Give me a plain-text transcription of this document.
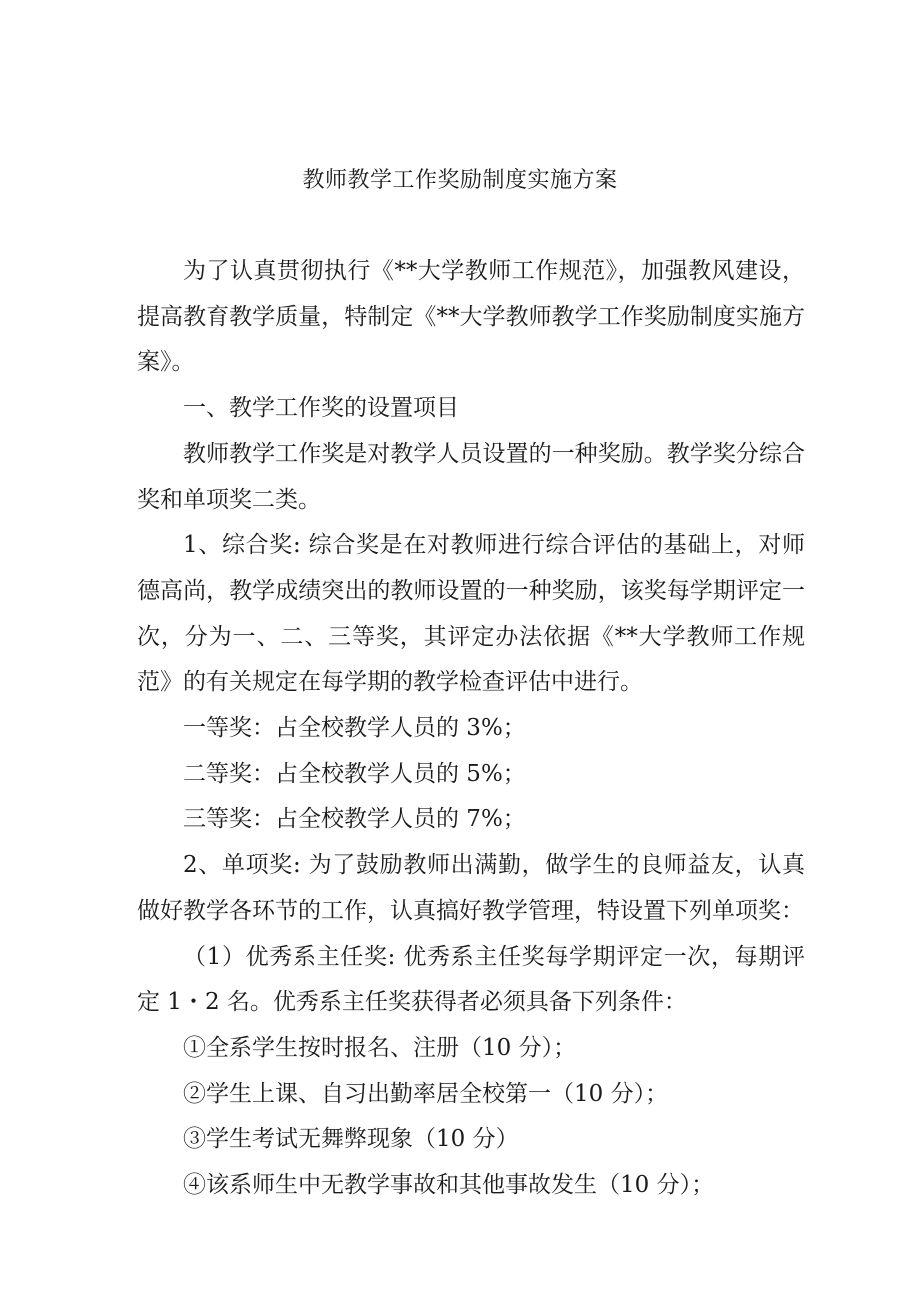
教师教学工作奖励制度实施方案

为了认真贯彻执行《**大学教师工作规范》，加强教风建设，提高教育教学质量，特制定《**大学教师教学工作奖励制度实施方案》。

一、教学工作奖的设置项目

教师教学工作奖是对教学人员设置的一种奖励。教学奖分综合奖和单项奖二类。

1、综合奖: 综合奖是在对教师进行综合评估的基础上，对师德高尚，教学成绩突出的教师设置的一种奖励，该奖每学期评定一次，分为一、二、三等奖，其评定办法依据《**大学教师工作规范》的有关规定在每学期的教学检查评估中进行。

一等奖：占全校教学人员的 3%；

二等奖：占全校教学人员的 5%；

三等奖：占全校教学人员的 7%；

2、单项奖: 为了鼓励教师出满勤，做学生的良师益友，认真做好教学各环节的工作，认真搞好教学管理，特设置下列单项奖：

（1）优秀系主任奖: 优秀系主任奖每学期评定一次，每期评定 1・2 名。优秀系主任奖获得者必须具备下列条件：

①全系学生按时报名、注册（10 分）；

②学生上课、自习出勤率居全校第一（10 分）；

③学生考试无舞弊现象（10 分）

④该系师生中无教学事故和其他事故发生（10 分）；
